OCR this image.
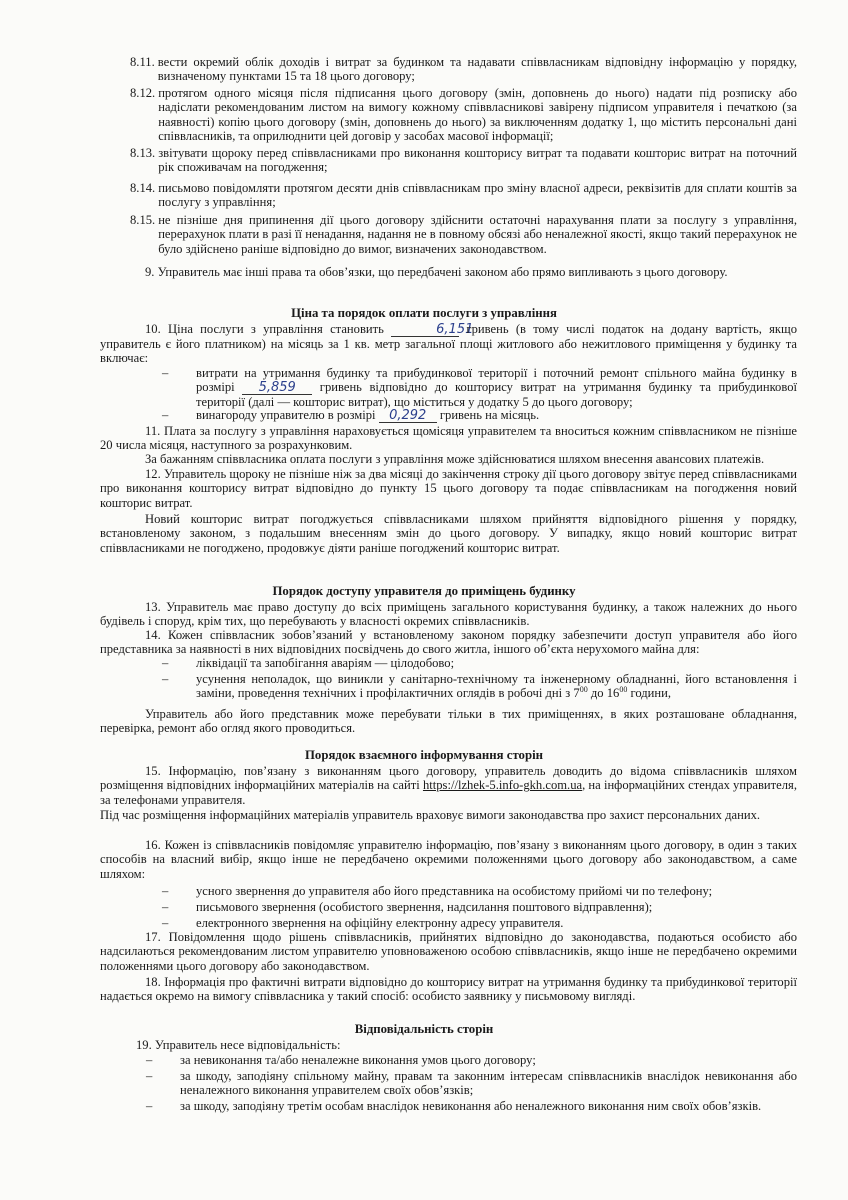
8.11. вести окремий облік доходів і витрат за будинком та надавати співвласникам відповідну інформацію у порядку, визначеному пунктами 15 та 18 цього договору;
8.12. протягом одного місяця після підписання цього договору (змін, доповнень до нього) надати під розписку або надіслати рекомендованим листом на вимогу кожному співвласникові завірену підписом управителя і печаткою (за наявності) копію цього договору (змін, доповнень до нього) за виключенням додатку 1, що містить персональні дані співвласників, та оприлюднити цей договір у засобах масової інформації;
8.13. звітувати щороку перед співвласниками про виконання кошторису витрат та подавати кошторис витрат на поточний рік споживачам на погодження;
8.14. письмово повідомляти протягом десяти днів співвласникам про зміну власної адреси, реквізитів для сплати коштів за послугу з управління;
8.15. не пізніше дня припинення дії цього договору здійснити остаточні нарахування плати за послугу з управління, перерахунок плати в разі її ненадання, надання не в повному обсязі або неналежної якості, якщо такий перерахунок не було здійснено раніше відповідно до вимог, визначених законодавством.

9. Управитель має інші права та обов’язки, що передбачені законом або прямо випливають з цього договору.

Ціна та порядок оплати послуги з управління

10. Ціна послуги з управління становить	6,151 гривень (в тому числі податок на додану вартість, якщо управитель є його платником) на місяць за 1 кв. метр загальної площі житлового або нежитлового приміщення у будинку та включає:

–	витрати на утримання будинку та прибудинкової території і поточний ремонт спільного майна будинку в розмірі 5,859 гривень відповідно до кошторису витрат на утримання будинку та прибудинкової території (далі — кошторис витрат), що міститься у додатку 5 до цього договору;
–	винагороду управителю в розмірі 0,292 гривень на місяць.

11. Плата за послугу з управління нараховується щомісяця управителем та вноситься кожним співвласником не пізніше 20 числа місяця, наступного за розрахунковим.

За бажанням співвласника оплата послуги з управління може здійснюватися шляхом внесення авансових платежів.

12. Управитель щороку не пізніше ніж за два місяці до закінчення строку дії цього договору звітує перед співвласниками про виконання кошторису витрат відповідно до пункту 15 цього договору та подає співвласникам на погодження новий кошторис витрат.

Новий кошторис витрат погоджується співвласниками шляхом прийняття відповідного рішення у порядку, встановленому законом, з подальшим внесенням змін до цього договору. У випадку, якщо новий кошторис витрат співвласниками не погоджено, продовжує діяти раніше погоджений кошторис витрат.

Порядок доступу управителя до приміщень будинку

13. Управитель має право доступу до всіх приміщень загального користування будинку, а також належних до нього будівель і споруд, крім тих, що перебувають у власності окремих співвласників.

14. Кожен співвласник зобов’язаний у встановленому законом порядку забезпечити доступ управителя або його представника за наявності в них відповідних посвідчень до свого житла, іншого об’єкта нерухомого майна для:

–	ліквідації та запобігання аваріям — цілодобово;
–	усунення неполадок, що виникли у санітарно-технічному та інженерному обладнанні, його встановлення і заміни, проведення технічних і профілактичних оглядів в робочі дні з $7^{00}$ до $16^{00}$ години,

Управитель або його представник може перебувати тільки в тих приміщеннях, в яких розташоване обладнання, перевірка, ремонт або огляд якого проводиться.

Порядок взаємного інформування сторін

15. Інформацію, пов’язану з виконанням цього договору, управитель доводить до відома співвласників шляхом розміщення відповідних інформаційних матеріалів на сайті https://lzhek-5.info-gkh.com.ua, на інформаційних стендах управителя, за телефонами управителя.

Під час розміщення інформаційних матеріалів управитель враховує вимоги законодавства про захист персональних даних.

16. Кожен із співвласників повідомляє управителю інформацію, пов’язану з виконанням цього договору, в один з таких способів на власний вибір, якщо інше не передбачено окремими положеннями цього договору або законодавством, а саме шляхом:

–	усного звернення до управителя або його представника на особистому прийомі чи по телефону;
–	письмового звернення (особистого звернення, надсилання поштового відправлення);
–	електронного звернення на офіційну електронну адресу управителя.

17. Повідомлення щодо рішень співвласників, прийнятих відповідно до законодавства, подаються особисто або надсилаються рекомендованим листом управителю уповноваженою особою співвласників, якщо інше не передбачено окремими положеннями цього договору або законодавством.

18. Інформація про фактичні витрати відповідно до кошторису витрат на утримання будинку та прибудинкової території надається окремо на вимогу співвласника у такий спосіб: особисто заявнику у письмовому вигляді.

Відповідальність сторін

19. Управитель несе відповідальність:

–	за невиконання та/або неналежне виконання умов цього договору;
–	за шкоду, заподіяну спільному майну, правам та законним інтересам співвласників внаслідок невиконання або неналежного виконання управителем своїх обов’язків;
–	за шкоду, заподіяну третім особам внаслідок невиконання або неналежного виконання ним своїх обов’язків.
